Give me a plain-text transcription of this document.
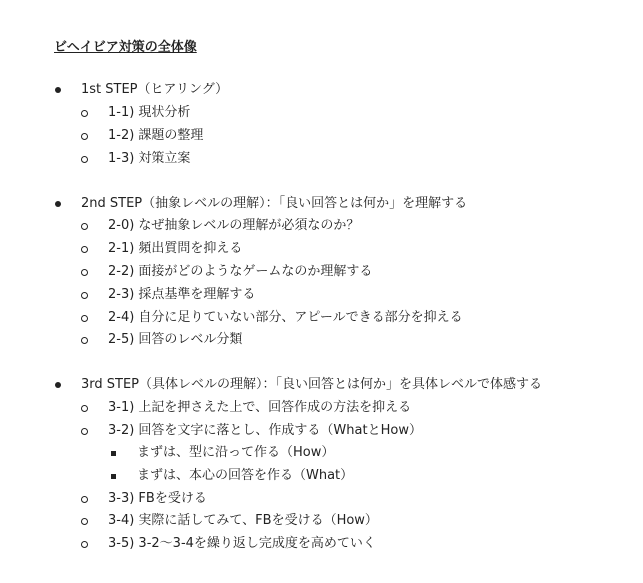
ビヘイビア対策の全体像
1st STEP（ヒアリング）
1-1) 現状分析
1-2) 課題の整理
1-3) 対策立案
2nd STEP（抽象レベルの理解）：「良い回答とは何か」を理解する
2-0) なぜ抽象レベルの理解が必須なのか？
2-1) 頻出質問を抑える
2-2) 面接がどのようなゲームなのか理解する
2-3) 採点基準を理解する
2-4) 自分に足りていない部分、アピールできる部分を抑える
2-5) 回答のレベル分類
3rd STEP（具体レベルの理解）：「良い回答とは何か」を具体レベルで体感する
3-1) 上記を押さえた上で、回答作成の方法を抑える
3-2) 回答を文字に落とし、作成する（WhatとHow）
まずは、型に沿って作る（How）
まずは、本心の回答を作る（What）
3-3) FBを受ける
3-4) 実際に話してみて、FBを受ける（How）
3-5) 3-2〜3-4を繰り返し完成度を高めていく
